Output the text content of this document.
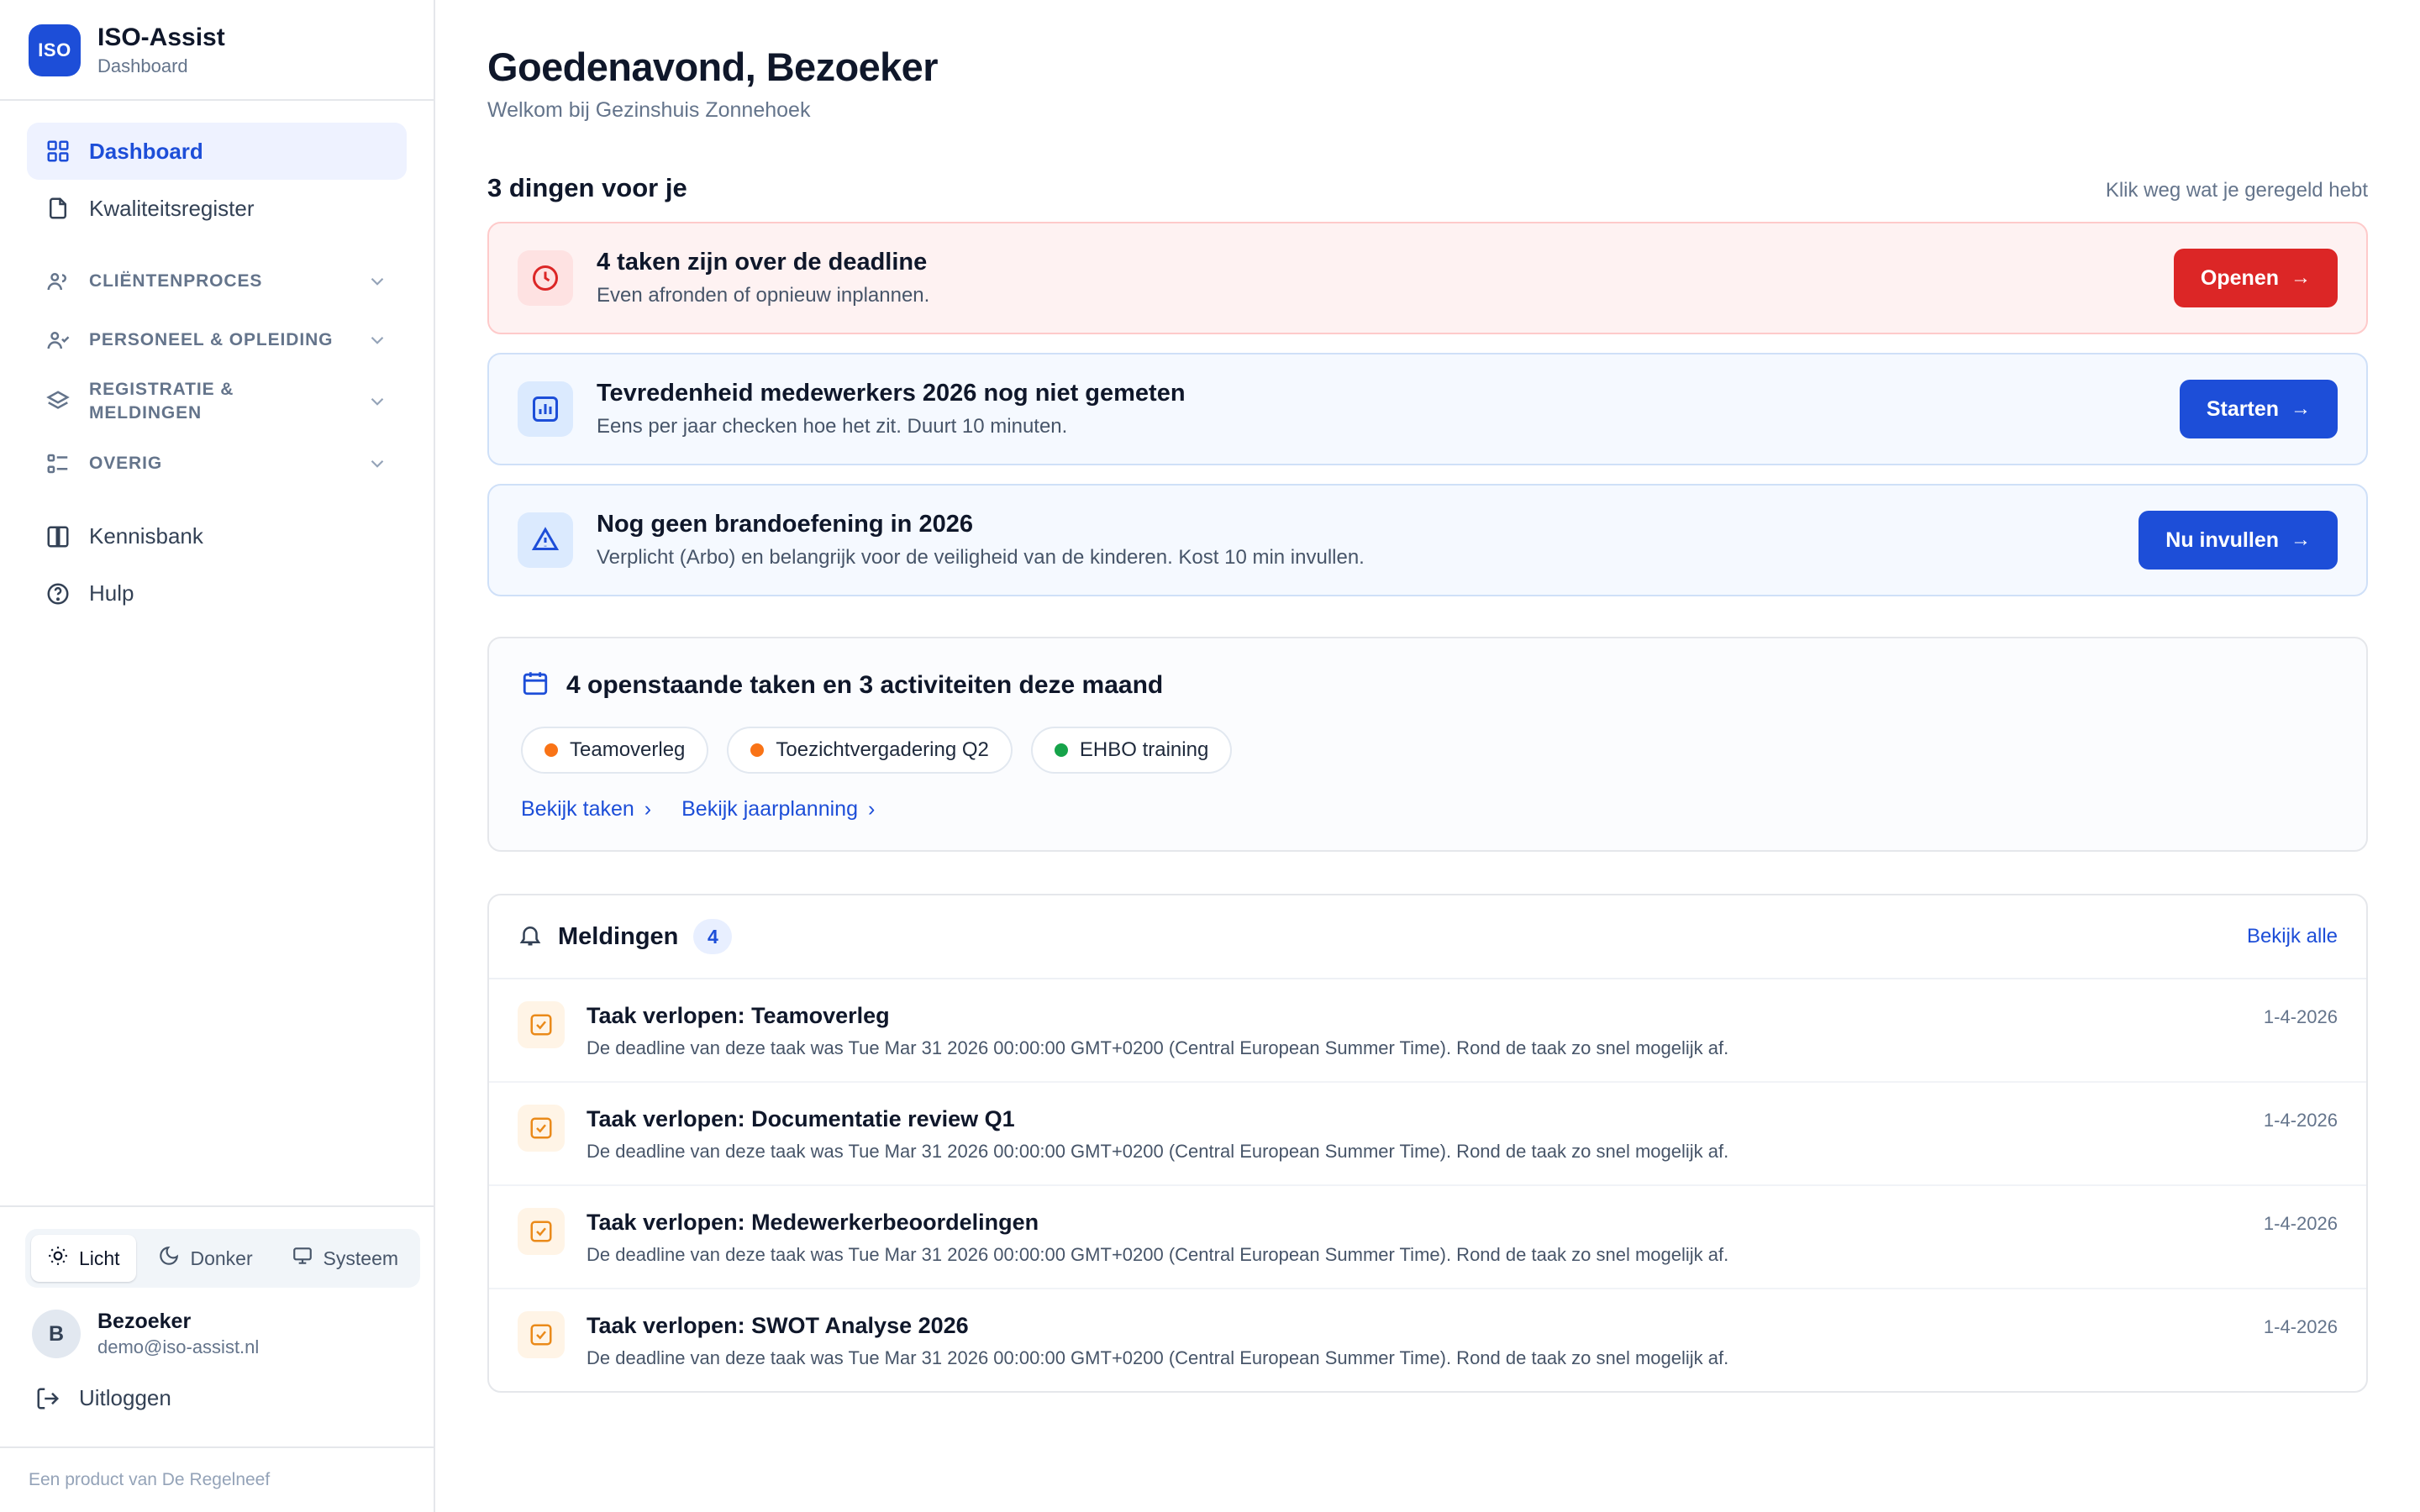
ISO	ISO-Assist
Dashboard
Dashboard
Kwaliteitsregister
CLIËNTENPROCES
PERSONEEL & OPLEIDING
REGISTRATIE & MELDINGEN
OVERIG
Kennisbank
Hulp
Licht	Donker	Systeem
B
Bezoeker
demo@iso-assist.nl
Uitloggen
Een product van De Regelneef
Goedenavond, Bezoeker
Welkom bij Gezinshuis Zonnehoek
3 dingen voor je	Klik weg wat je geregeld hebt
4 taken zijn over de deadline
Even afronden of opnieuw inplannen.
Openen →
Tevredenheid medewerkers 2026 nog niet gemeten
Eens per jaar checken hoe het zit. Duurt 10 minuten.
Starten →
Nog geen brandoefening in 2026
Verplicht (Arbo) en belangrijk voor de veiligheid van de kinderen. Kost 10 min invullen.
Nu invullen →
4 openstaande taken en 3 activiteiten deze maand
Teamoverleg	Toezichtvergadering Q2	EHBO training
Bekijk taken › Bekijk jaarplanning ›
Meldingen	4	Bekijk alle
Taak verlopen: Teamoverleg
De deadline van deze taak was Tue Mar 31 2026 00:00:00 GMT+0200 (Central European Summer Time). Rond de taak zo snel mogelijk af.
1-4-2026
Taak verlopen: Documentatie review Q1
De deadline van deze taak was Tue Mar 31 2026 00:00:00 GMT+0200 (Central European Summer Time). Rond de taak zo snel mogelijk af.
1-4-2026
Taak verlopen: Medewerkerbeoordelingen
De deadline van deze taak was Tue Mar 31 2026 00:00:00 GMT+0200 (Central European Summer Time). Rond de taak zo snel mogelijk af.
1-4-2026
Taak verlopen: SWOT Analyse 2026
De deadline van deze taak was Tue Mar 31 2026 00:00:00 GMT+0200 (Central European Summer Time). Rond de taak zo snel mogelijk af.
1-4-2026
